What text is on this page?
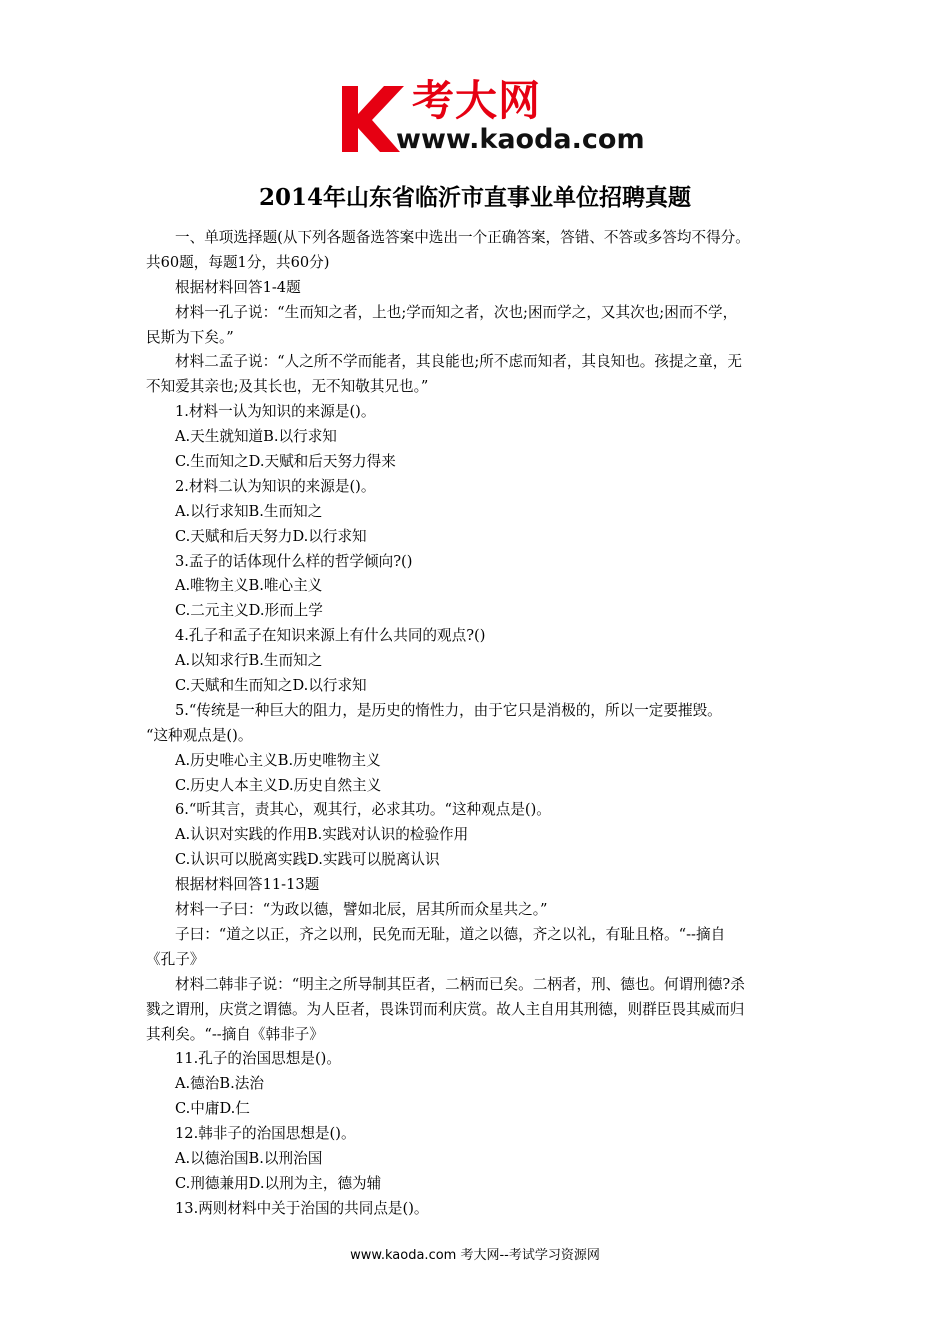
考大网
www.kaoda.com
2014年山东省临沂市直事业单位招聘真题
一、单项选择题(从下列各题备选答案中选出一个正确答案，答错、不答或多答均不得分。
共60题，每题1分，共60分)
根据材料回答1-4题
材料一孔子说：“生而知之者，上也;学而知之者，次也;困而学之，又其次也;困而不学，
民斯为下矣。”
材料二孟子说：“人之所不学而能者，其良能也;所不虑而知者，其良知也。孩提之童，无
不知爱其亲也;及其长也，无不知敬其兄也。”
1.材料一认为知识的来源是()。
A.天生就知道B.以行求知
C.生而知之D.天赋和后天努力得来
2.材料二认为知识的来源是()。
A.以行求知B.生而知之
C.天赋和后天努力D.以行求知
3.孟子的话体现什么样的哲学倾向?()
A.唯物主义B.唯心主义
C.二元主义D.形而上学
4.孔子和孟子在知识来源上有什么共同的观点?()
A.以知求行B.生而知之
C.天赋和生而知之D.以行求知
5.“传统是一种巨大的阻力，是历史的惰性力，由于它只是消极的，所以一定要摧毁。
“这种观点是()。
A.历史唯心主义B.历史唯物主义
C.历史人本主义D.历史自然主义
6.“听其言，责其心，观其行，必求其功。“这种观点是()。
A.认识对实践的作用B.实践对认识的检验作用
C.认识可以脱离实践D.实践可以脱离认识
根据材料回答11-13题
材料一子曰：“为政以德，譬如北辰，居其所而众星共之。”
子曰：“道之以正，齐之以刑，民免而无耻，道之以德，齐之以礼，有耻且格。“--摘自
《孔子》
材料二韩非子说：“明主之所导制其臣者，二柄而已矣。二柄者，刑、德也。何谓刑德?杀
戮之谓刑，庆赏之谓德。为人臣者，畏诛罚而利庆赏。故人主自用其刑德，则群臣畏其威而归
其利矣。“--摘自《韩非子》
11.孔子的治国思想是()。
A.德治B.法治
C.中庸D.仁
12.韩非子的治国思想是()。
A.以德治国B.以刑治国
C.刑德兼用D.以刑为主，德为辅
13.两则材料中关于治国的共同点是()。
www.kaoda.com 考大网--考试学习资源网
